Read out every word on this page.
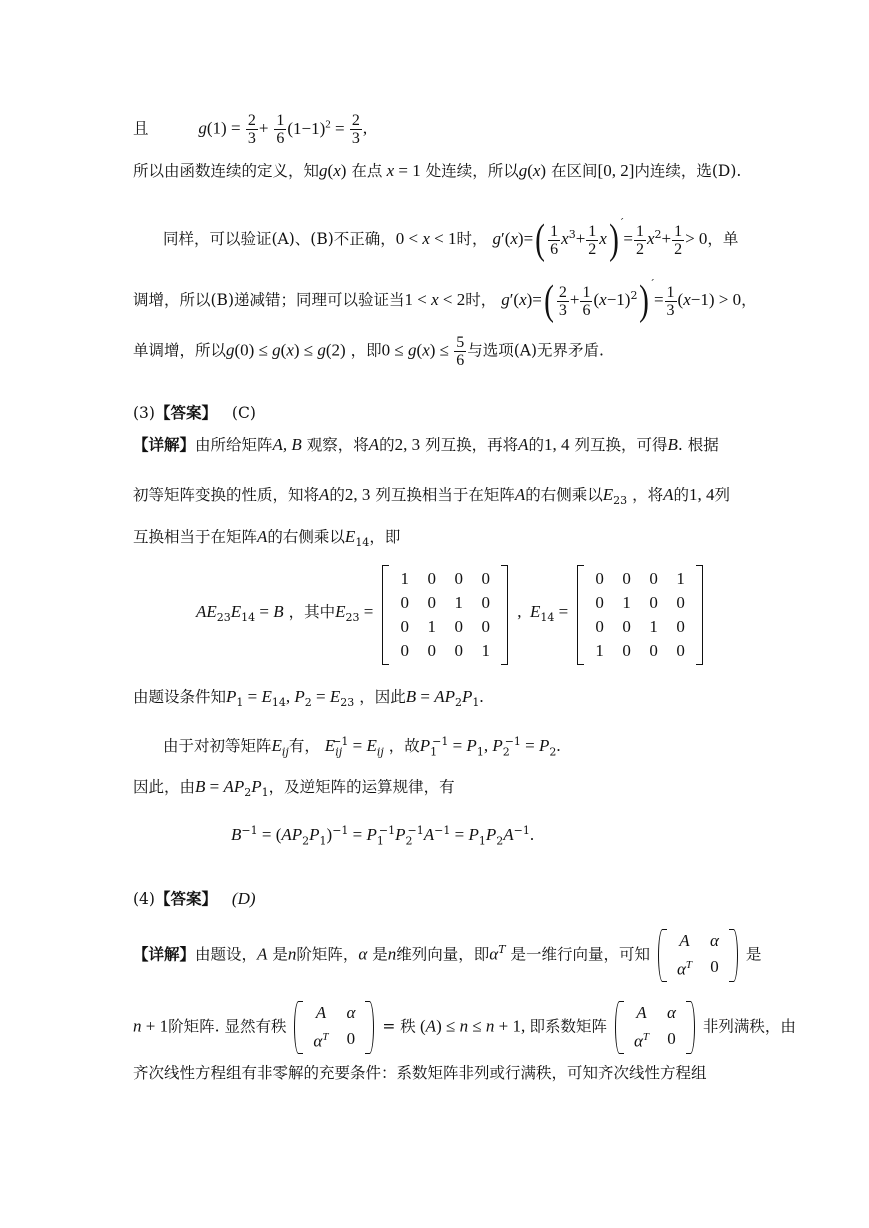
且	$g(1) = \frac{2}{3} + \frac{1}{6} (1-1)^2 = \frac{2}{3}$ ,
所以由函数连续的定义，知g(x) 在点 x = 1 处连续，所以g(x) 在区间[0, 2]内连续，选(D).
同样，可以验证(A)、(B)不正确，0 < x < 1时， $g'(x)=( \frac{1}{6} x^3+ \frac{1}{2} x)$ $'= \frac{1}{2} x^2+ \frac{1}{2} > 0$，单
调增，所以(B)递减错；同理可以验证当1 < x < 2时， $g'(x)=( \frac{2}{3} + \frac{1}{6} (x-1)^2)$ $'= \frac{1}{3} (x-1) > 0$，
单调增，所以g(0) ≤ g(x) ≤ g(2) ，即$0 \le g(x) \le \frac{5}{6}$ 与选项(A)无界矛盾.
(3)【答案】 (C)
【详解】由所给矩阵A, B 观察，将A的2, 3 列互换，再将A的1, 4 列互换，可得B. 根据
初等矩阵变换的性质，知将A的2, 3 列互换相当于在矩阵A的右侧乘以$E_{23}$ ，将A的1, 4列
互换相当于在矩阵A的右侧乘以$E_{14}$，即
$AE_{23}E_{14} = B$ ，其中$E_{23}$ =
1	0	0	0
0	0	1	0
0	1	0	0
0	0	0	1
,  $E_{14}$ =
0	0	0	1
0	1	0	0
0	0	1	0
1	0	0	0
由题设条件知$P_1 = E_{14}$, $P_2 = E_{23}$ ，因此$B = AP_2P_1$.
由于对初等矩阵$E_{ij}$有， $E_{ij}^{-1} = E_{ij}$ ，故$P_1^{-1} = P_1$, $P_2^{-1} = P_2$.
因此，由$B = AP_2P_1$，及逆矩阵的运算规律，有
$B^{-1} = (AP_2P_1)^{-1} = P_1^{-1}P_2^{-1}A^{-1} = P_1P_2A^{-1}$.
(4)【答案】 (D)
【详解】由题设，A 是n阶矩阵，α 是n维列向量，即$\alpha^T$ 是一维行向量，可知
A	α
$\alpha^T$	0
是
n + 1阶矩阵. 显然有秩
A	α
$\alpha^T$	0
= 秩 (A) ≤ n ≤ n + 1, 即系数矩阵
A	α
$\alpha^T$	0
非列满秩，由
齐次线性方程组有非零解的充要条件：系数矩阵非列或行满秩，可知齐次线性方程组
